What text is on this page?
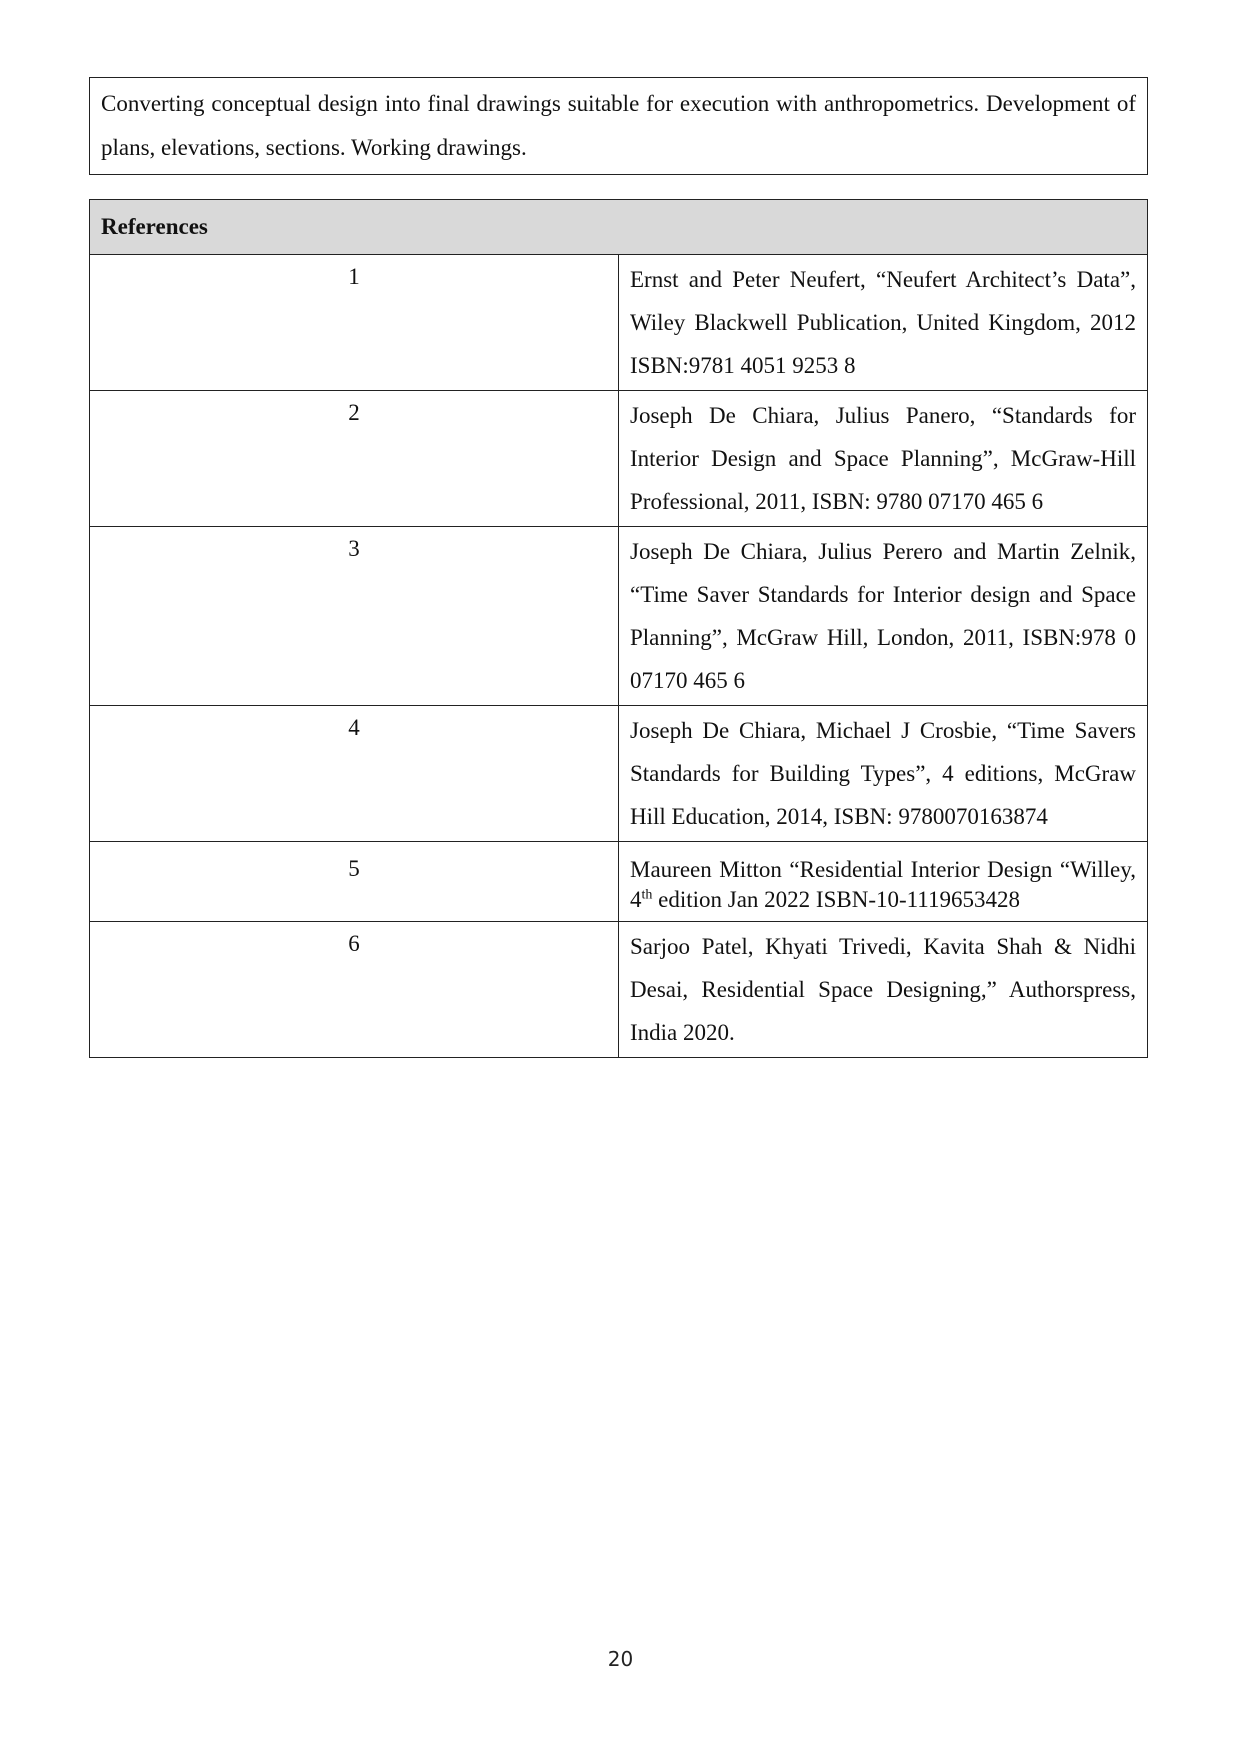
Converting conceptual design into final drawings suitable for execution with anthropometrics. Development of plans, elevations, sections. Working drawings.
References	
1	Ernst and Peter Neufert, “Neufert Architect’s Data”, Wiley Blackwell Publication, United Kingdom, 2012 ISBN:9781 4051 9253 8
2	Joseph De Chiara, Julius Panero, “Standards for Interior Design and Space Planning”, McGraw-Hill Professional, 2011, ISBN: 9780 07170 465 6
3	Joseph De Chiara, Julius Perero and Martin Zelnik, “Time Saver Standards for Interior design and Space Planning”, McGraw Hill, London, 2011, ISBN:978 0 07170 465 6
4	Joseph De Chiara, Michael J Crosbie, “Time Savers Standards for Building Types”, 4 editions, McGraw Hill Education, 2014, ISBN: 9780070163874
5	Maureen Mitton “Residential Interior Design “Willey, 4th edition Jan 2022 ISBN-10-1119653428
6	Sarjoo Patel, Khyati Trivedi, Kavita Shah & Nidhi Desai, Residential Space Designing,” Authorspress, India 2020.
20
